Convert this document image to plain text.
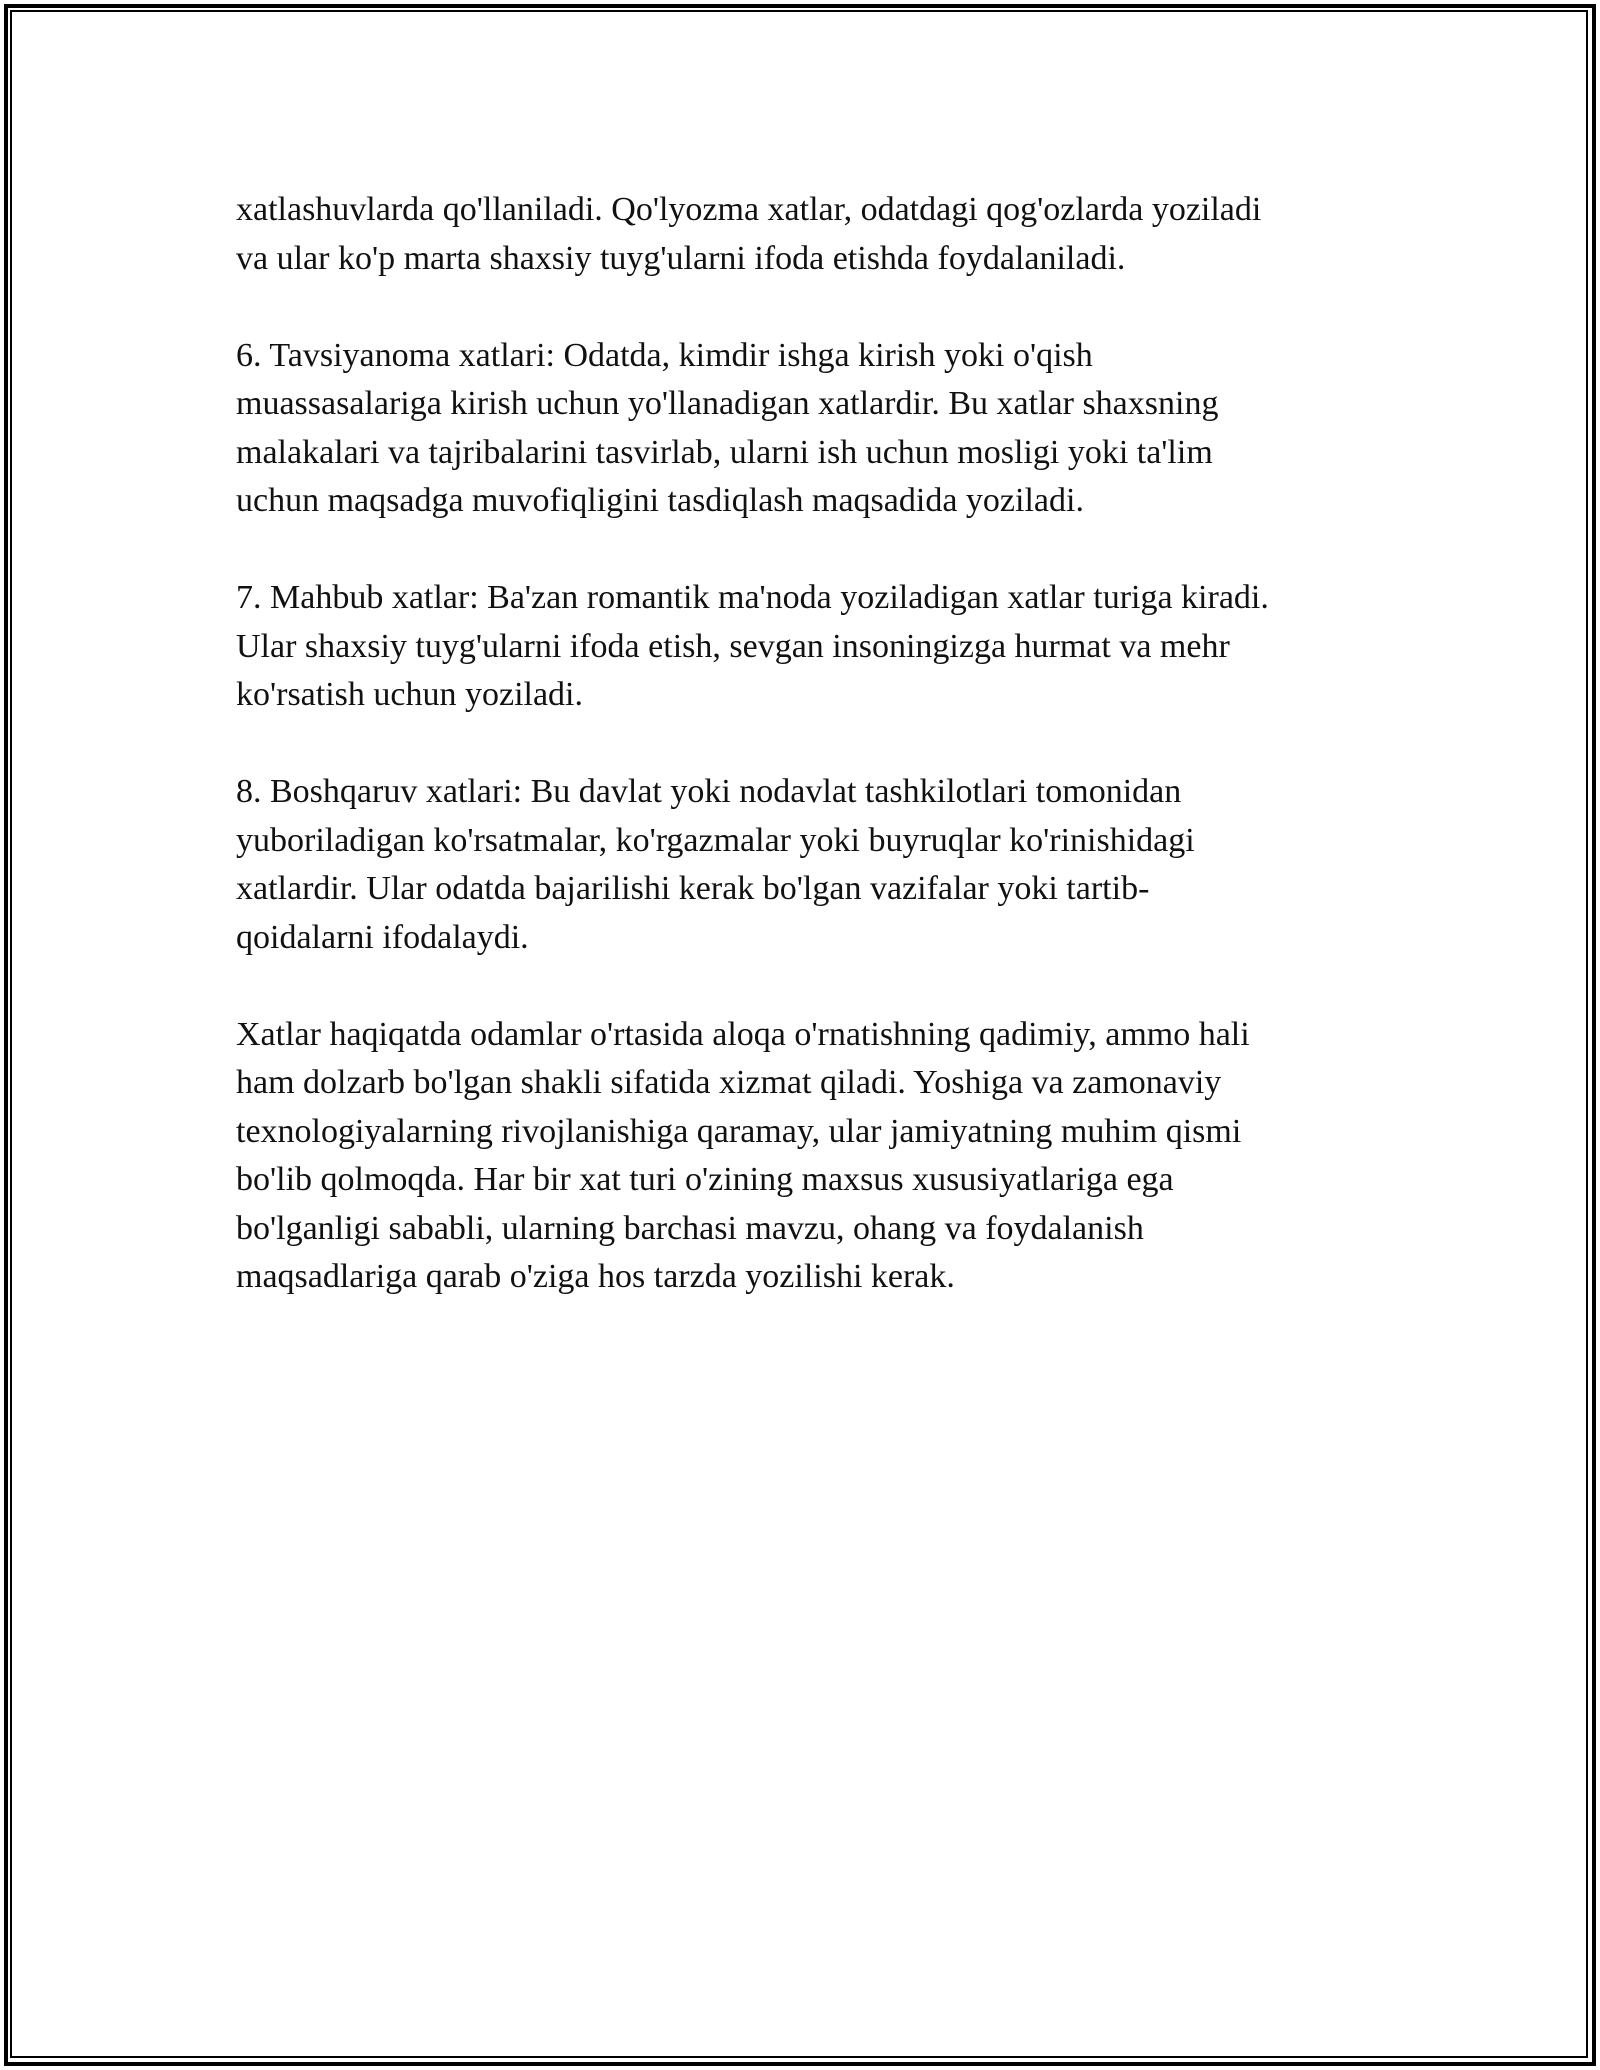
xatlashuvlarda qo'llaniladi. Qo'lyozma xatlar, odatdagi qog'ozlarda yoziladi
va ular ko'p marta shaxsiy tuyg'ularni ifoda etishda foydalaniladi.

6. Tavsiyanoma xatlari: Odatda, kimdir ishga kirish yoki o'qish
muassasalariga kirish uchun yo'llanadigan xatlardir. Bu xatlar shaxsning
malakalari va tajribalarini tasvirlab, ularni ish uchun mosligi yoki ta'lim
uchun maqsadga muvofiqligini tasdiqlash maqsadida yoziladi.

7. Mahbub xatlar: Ba'zan romantik ma'noda yoziladigan xatlar turiga kiradi.
Ular shaxsiy tuyg'ularni ifoda etish, sevgan insoningizga hurmat va mehr
ko'rsatish uchun yoziladi.

8. Boshqaruv xatlari: Bu davlat yoki nodavlat tashkilotlari tomonidan
yuboriladigan ko'rsatmalar, ko'rgazmalar yoki buyruqlar ko'rinishidagi
xatlardir. Ular odatda bajarilishi kerak bo'lgan vazifalar yoki tartib-
qoidalarni ifodalaydi.

Xatlar haqiqatda odamlar o'rtasida aloqa o'rnatishning qadimiy, ammo hali
ham dolzarb bo'lgan shakli sifatida xizmat qiladi. Yoshiga va zamonaviy
texnologiyalarning rivojlanishiga qaramay, ular jamiyatning muhim qismi
bo'lib qolmoqda. Har bir xat turi o'zining maxsus xususiyatlariga ega
bo'lganligi sababli, ularning barchasi mavzu, ohang va foydalanish
maqsadlariga qarab o'ziga hos tarzda yozilishi kerak.
